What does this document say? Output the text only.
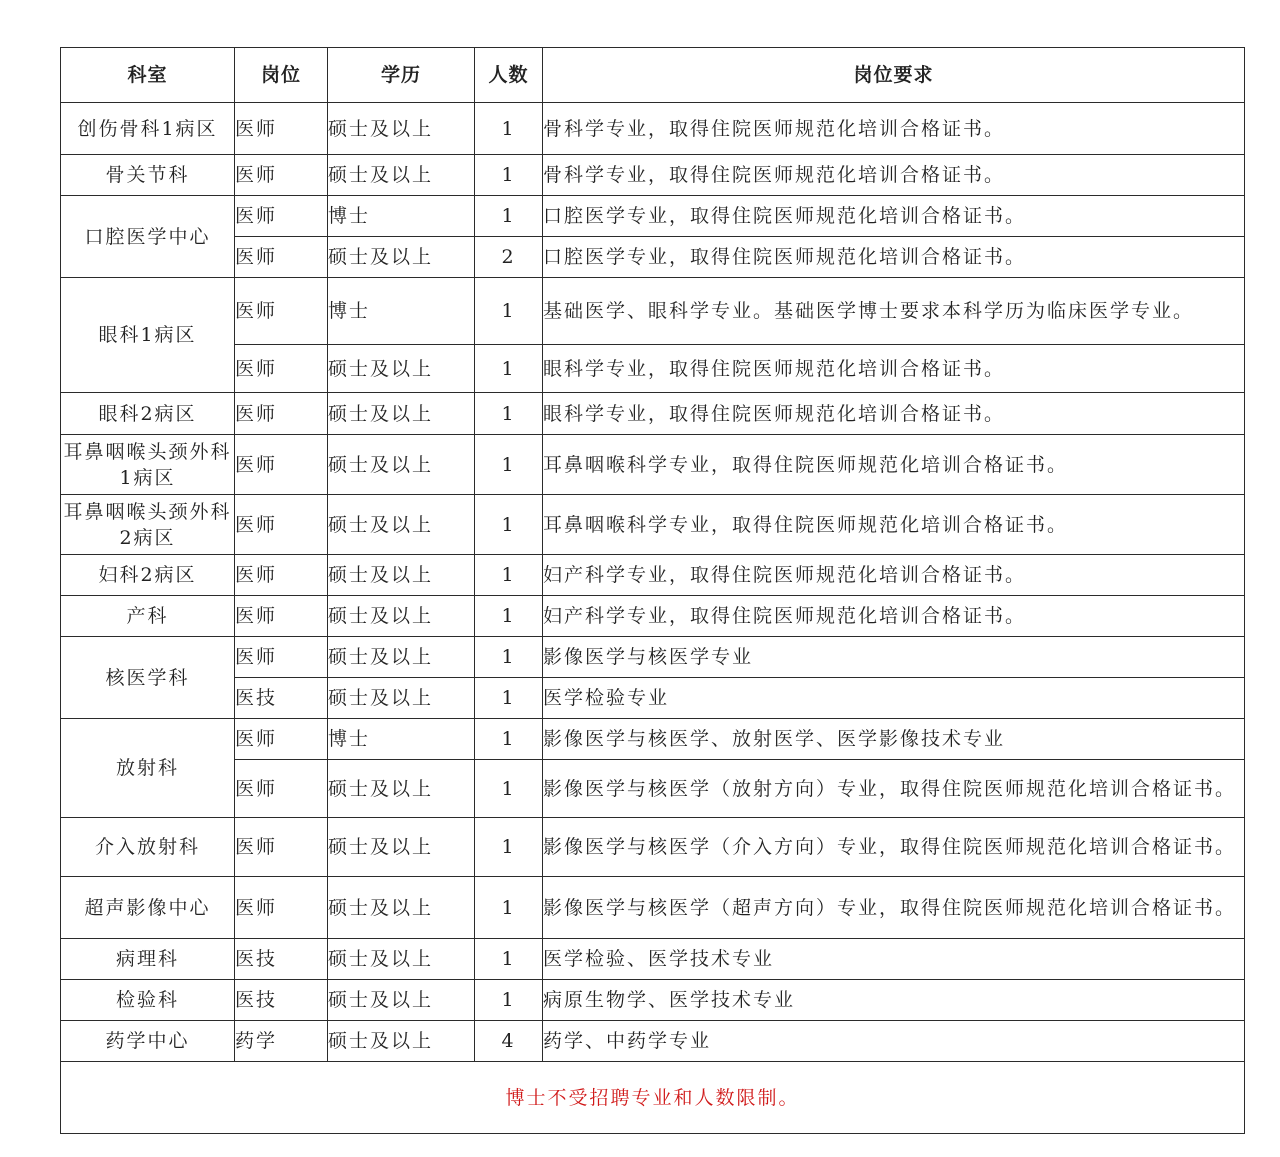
科室	岗位	学历	人数	岗位要求
创伤骨科1病区	医师	硕士及以上	1	骨科学专业，取得住院医师规范化培训合格证书。
骨关节科	医师	硕士及以上	1	骨科学专业，取得住院医师规范化培训合格证书。
口腔医学中心	医师	博士	1	口腔医学专业，取得住院医师规范化培训合格证书。
	医师	硕士及以上	2	口腔医学专业，取得住院医师规范化培训合格证书。
眼科1病区	医师	博士	1	基础医学、眼科学专业。基础医学博士要求本科学历为临床医学专业。
	医师	硕士及以上	1	眼科学专业，取得住院医师规范化培训合格证书。
眼科2病区	医师	硕士及以上	1	眼科学专业，取得住院医师规范化培训合格证书。
耳鼻咽喉头颈外科1病区	医师	硕士及以上	1	耳鼻咽喉科学专业，取得住院医师规范化培训合格证书。
耳鼻咽喉头颈外科2病区	医师	硕士及以上	1	耳鼻咽喉科学专业，取得住院医师规范化培训合格证书。
妇科2病区	医师	硕士及以上	1	妇产科学专业，取得住院医师规范化培训合格证书。
产科	医师	硕士及以上	1	妇产科学专业，取得住院医师规范化培训合格证书。
核医学科	医师	硕士及以上	1	影像医学与核医学专业
	医技	硕士及以上	1	医学检验专业
放射科	医师	博士	1	影像医学与核医学、放射医学、医学影像技术专业
	医师	硕士及以上	1	影像医学与核医学（放射方向）专业，取得住院医师规范化培训合格证书。
介入放射科	医师	硕士及以上	1	影像医学与核医学（介入方向）专业，取得住院医师规范化培训合格证书。
超声影像中心	医师	硕士及以上	1	影像医学与核医学（超声方向）专业，取得住院医师规范化培训合格证书。
病理科	医技	硕士及以上	1	医学检验、医学技术专业
检验科	医技	硕士及以上	1	病原生物学、医学技术专业
药学中心	药学	硕士及以上	4	药学、中药学专业
博士不受招聘专业和人数限制。				
